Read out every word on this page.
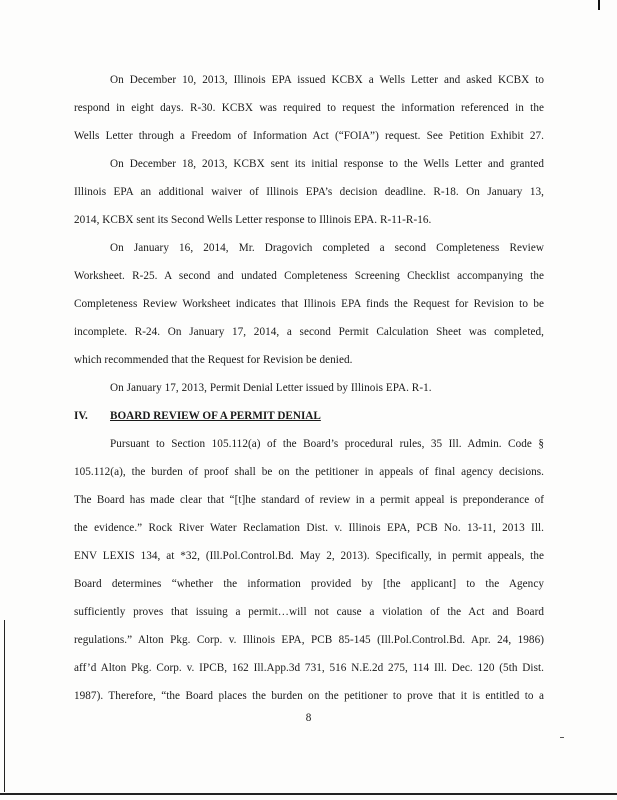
On December 10, 2013, Illinois EPA issued KCBX a Wells Letter and asked KCBX to
respond in eight days. R-30. KCBX was required to request the information referenced in the
Wells Letter through a Freedom of Information Act (“FOIA”) request. See Petition Exhibit 27.
On December 18, 2013, KCBX sent its initial response to the Wells Letter and granted
Illinois EPA an additional waiver of Illinois EPA’s decision deadline. R-18. On January 13,
2014, KCBX sent its Second Wells Letter response to Illinois EPA. R-11-R-16.
On January 16, 2014, Mr. Dragovich completed a second Completeness Review
Worksheet. R-25. A second and undated Completeness Screening Checklist accompanying the
Completeness Review Worksheet indicates that Illinois EPA finds the Request for Revision to be
incomplete. R-24. On January 17, 2014, a second Permit Calculation Sheet was completed,
which recommended that the Request for Revision be denied.
On January 17, 2013, Permit Denial Letter issued by Illinois EPA. R-1.
IV. BOARD REVIEW OF A PERMIT DENIAL
Pursuant to Section 105.112(a) of the Board’s procedural rules, 35 Ill. Admin. Code §
105.112(a), the burden of proof shall be on the petitioner in appeals of final agency decisions.
The Board has made clear that “[t]he standard of review in a permit appeal is preponderance of
the evidence.” Rock River Water Reclamation Dist. v. Illinois EPA, PCB No. 13-11, 2013 Ill.
ENV LEXIS 134, at *32, (Ill.Pol.Control.Bd. May 2, 2013). Specifically, in permit appeals, the
Board determines “whether the information provided by [the applicant] to the Agency
sufficiently proves that issuing a permit…will not cause a violation of the Act and Board
regulations.” Alton Pkg. Corp. v. Illinois EPA, PCB 85-145 (Ill.Pol.Control.Bd. Apr. 24, 1986)
aff’d Alton Pkg. Corp. v. IPCB, 162 Ill.App.3d 731, 516 N.E.2d 275, 114 Ill. Dec. 120 (5th Dist.
1987). Therefore, “the Board places the burden on the petitioner to prove that it is entitled to a
8
